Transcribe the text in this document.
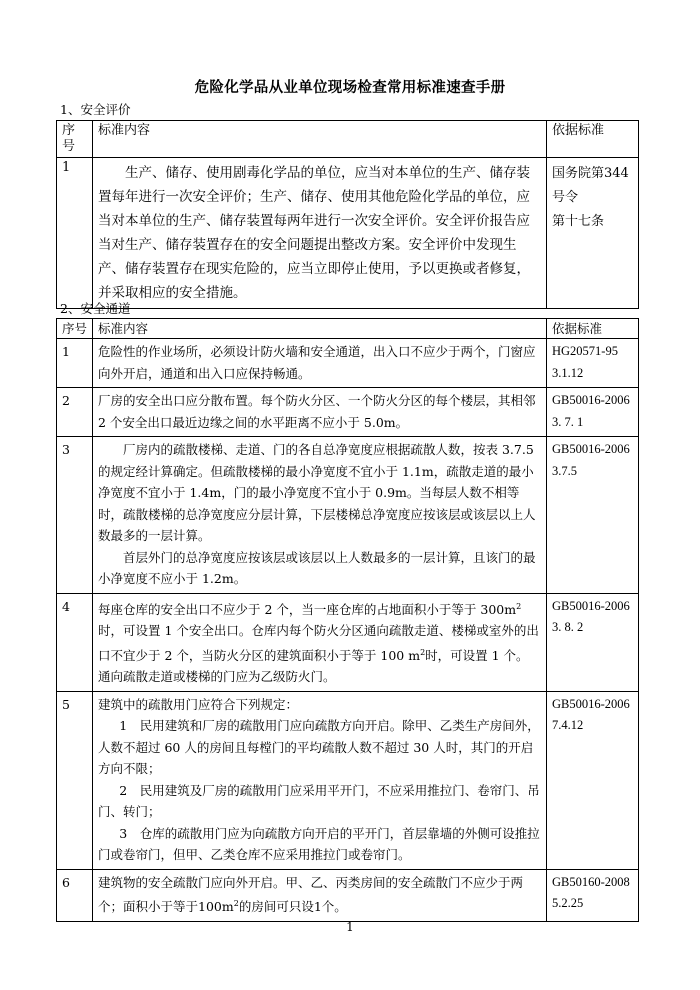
危险化学品从业单位现场检查常用标准速查手册
1、安全评价
序号	标准内容	依据标准
1	生产、储存、使用剧毒化学品的单位，应当对本单位的生产、储存装置每年进行一次安全评价；生产、储存、使用其他危险化学品的单位，应当对本单位的生产、储存装置每两年进行一次安全评价。安全评价报告应当对生产、储存装置存在的安全问题提出整改方案。安全评价中发现生产、储存装置存在现实危险的，应当立即停止使用，予以更换或者修复，并采取相应的安全措施。	国务院第344号令
第十七条
2、安全通道
序号	标准内容	依据标准
1	危险性的作业场所，必须设计防火墙和安全通道，出入口不应少于两个，门窗应向外开启，通道和出入口应保持畅通。	HG20571-95
3.1.12

2	厂房的安全出口应分散布置。每个防火分区、一个防火分区的每个楼层，其相邻 2 个安全出口最近边缘之间的水平距离不应小于 5.0m。	GB50016-2006
3. 7. 1

3	厂房内的疏散楼梯、走道、门的各自总净宽度应根据疏散人数，按表 3.7.5 的规定经计算确定。但疏散楼梯的最小净宽度不宜小于 1.1m，疏散走道的最小净宽度不宜小于 1.4m，门的最小净宽度不宜小于 0.9m。当每层人数不相等时，疏散楼梯的总净宽度应分层计算，下层楼梯总净宽度应按该层或该层以上人数最多的一层计算。
首层外门的总净宽度应按该层或该层以上人数最多的一层计算，且该门的最小净宽度不应小于 1.2m。	GB50016-2006
3.7.5

4	每座仓库的安全出口不应少于 2 个，当一座仓库的占地面积小于等于 $300m^2$时，可设置 1 个安全出口。仓库内每个防火分区通向疏散走道、楼梯或室外的出口不宜少于 2 个，当防火分区的建筑面积小于等于 100 $m^2$时，可设置 1 个。通向疏散走道或楼梯的门应为乙级防火门。	GB50016-2006
3. 8. 2

5	建筑中的疏散用门应符合下列规定：
1　民用建筑和厂房的疏散用门应向疏散方向开启。除甲、乙类生产房间外，人数不超过 60 人的房间且每樘门的平均疏散人数不超过 30 人时，其门的开启方向不限；
2　民用建筑及厂房的疏散用门应采用平开门，不应采用推拉门、卷帘门、吊门、转门；
3　仓库的疏散用门应为向疏散方向开启的平开门，首层靠墙的外侧可设推拉门或卷帘门，但甲、乙类仓库不应采用推拉门或卷帘门。	GB50016-2006
7.4.12

6	建筑物的安全疏散门应向外开启。甲、乙、丙类房间的安全疏散门不应少于两个；面积小于等于$100m^2$的房间可只设1个。	GB50160-2008
5.2.25
1
